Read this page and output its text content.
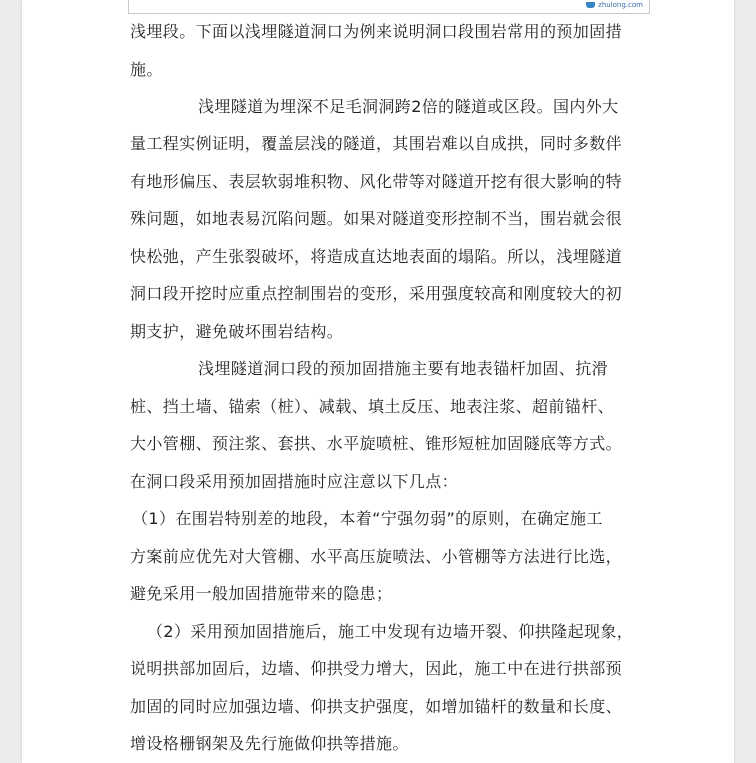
zhulong.com
浅埋段。下面以浅埋隧道洞口为例来说明洞口段围岩常用的预加固措
施。
浅埋隧道为埋深不足毛洞洞跨2倍的隧道或区段。国内外大
量工程实例证明，覆盖层浅的隧道，其围岩难以自成拱，同时多数伴
有地形偏压、表层软弱堆积物、风化带等对隧道开挖有很大影响的特
殊问题，如地表易沉陷问题。如果对隧道变形控制不当，围岩就会很
快松弛，产生张裂破坏，将造成直达地表面的塌陷。所以，浅埋隧道
洞口段开挖时应重点控制围岩的变形，采用强度较高和刚度较大的初
期支护，避免破坏围岩结构。
浅埋隧道洞口段的预加固措施主要有地表锚杆加固、抗滑
桩、挡土墙、锚索（桩）、减载、填土反压、地表注浆、超前锚杆、
大小管棚、预注浆、套拱、水平旋喷桩、锥形短桩加固隧底等方式。
在洞口段采用预加固措施时应注意以下几点：
（1）在围岩特别差的地段，本着“宁强勿弱”的原则，在确定施工
方案前应优先对大管棚、水平高压旋喷法、小管棚等方法进行比选，
避免采用一般加固措施带来的隐患；
（2）采用预加固措施后，施工中发现有边墙开裂、仰拱隆起现象，
说明拱部加固后，边墙、仰拱受力增大，因此，施工中在进行拱部预
加固的同时应加强边墙、仰拱支护强度，如增加锚杆的数量和长度、
增设格栅钢架及先行施做仰拱等措施。
